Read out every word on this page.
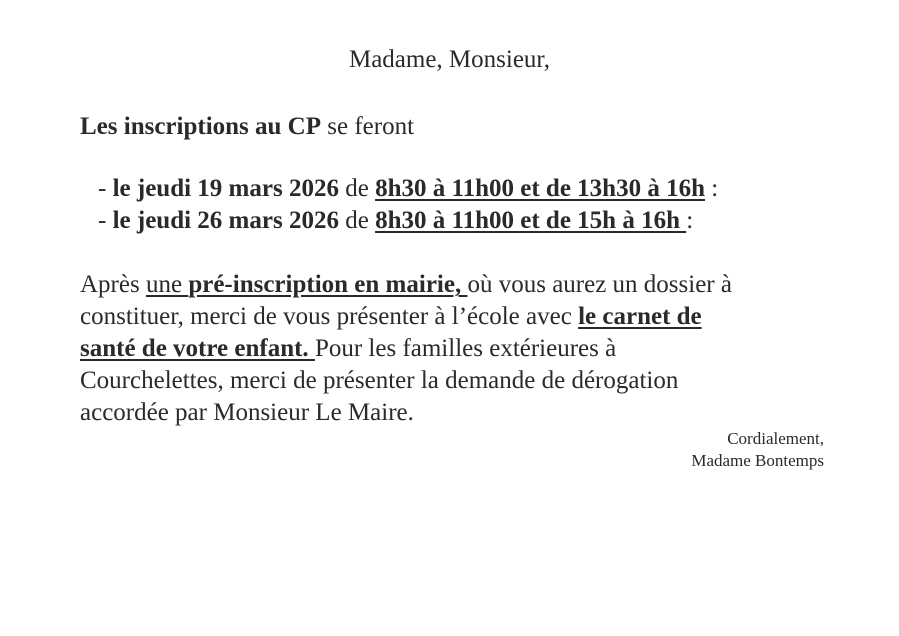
Madame, Monsieur,
Les inscriptions au CP se feront
- le jeudi 19 mars 2026 de 8h30 à 11h00 et de 13h30 à 16h :
- le jeudi 26 mars 2026 de 8h30 à 11h00 et de 15h à 16h :
Après une pré-inscription en mairie, où vous aurez un dossier à
constituer, merci de vous présenter à l’école avec le carnet de
santé de votre enfant. Pour les familles extérieures à
Courchelettes, merci de présenter la demande de dérogation
accordée par Monsieur Le Maire.
Cordialement,
Madame Bontemps
